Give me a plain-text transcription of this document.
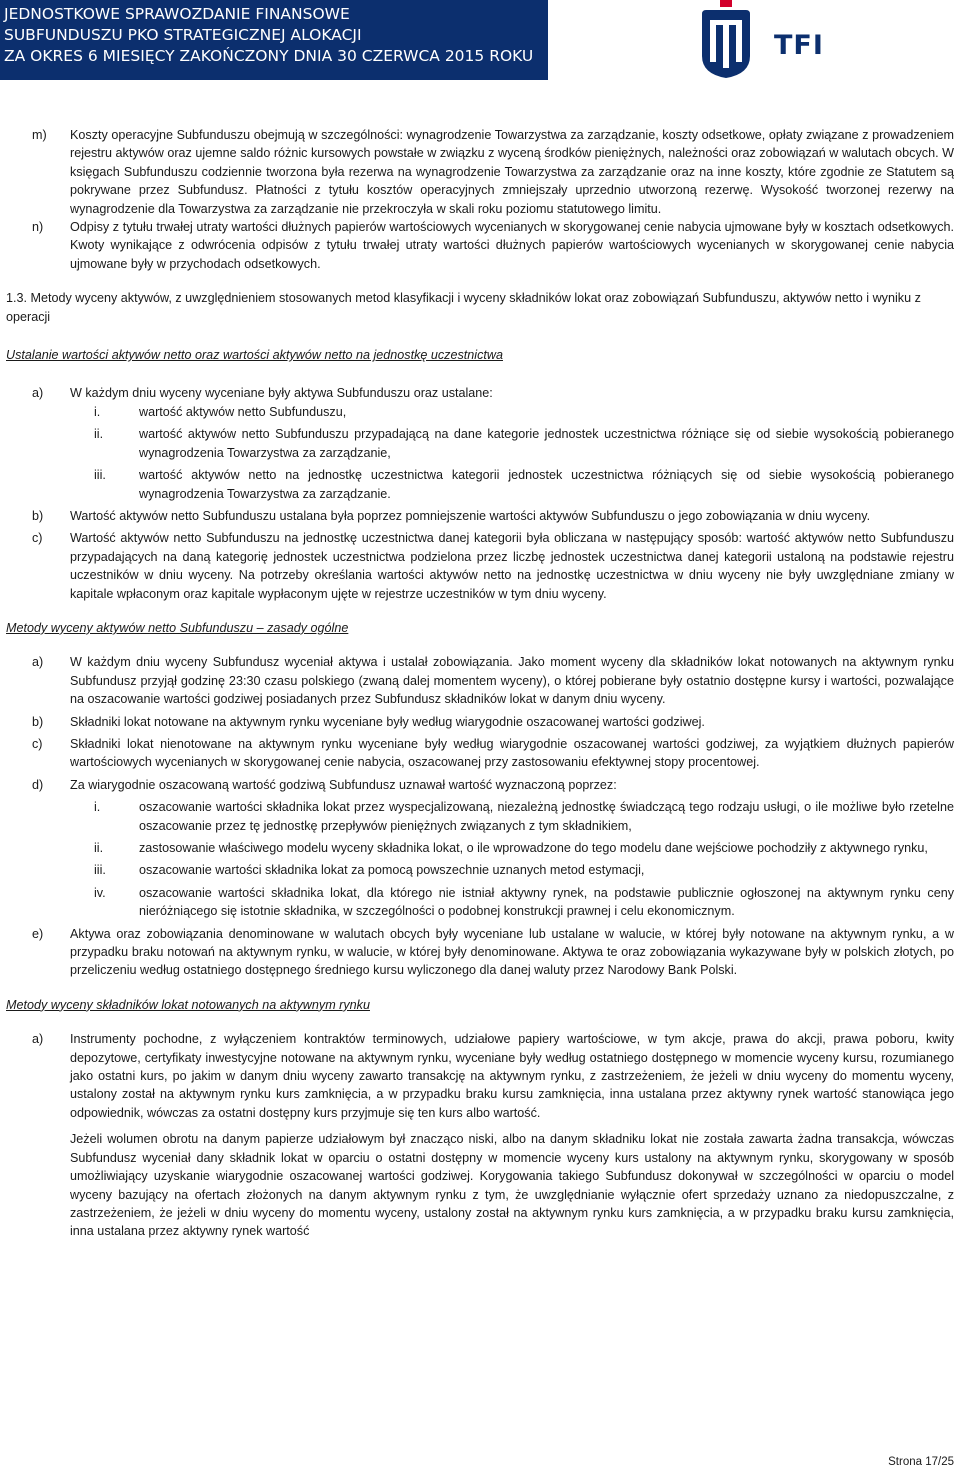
JEDNOSTKOWE SPRAWOZDANIE FINANSOWE
SUBFUNDUSZU PKO STRATEGICZNEJ ALOKACJI
ZA OKRES 6 MIESIĘCY ZAKOŃCZONY DNIA 30 CZERWCA 2015 ROKU	TFI
m) Koszty operacyjne Subfunduszu obejmują w szczególności: wynagrodzenie Towarzystwa za zarządzanie, koszty odsetkowe, opłaty związane z prowadzeniem rejestru aktywów oraz ujemne saldo różnic kursowych powstałe w związku z wyceną środków pieniężnych, należności oraz zobowiązań w walutach obcych. W księgach Subfunduszu codziennie tworzona była rezerwa na wynagrodzenie Towarzystwa za zarządzanie oraz na inne koszty, które zgodnie ze Statutem są pokrywane przez Subfundusz. Płatności z tytułu kosztów operacyjnych zmniejszały uprzednio utworzoną rezerwę. Wysokość tworzonej rezerwy na wynagrodzenie dla Towarzystwa za zarządzanie nie przekroczyła w skali roku poziomu statutowego limitu.
n) Odpisy z tytułu trwałej utraty wartości dłużnych papierów wartościowych wycenianych w skorygowanej cenie nabycia ujmowane były w kosztach odsetkowych. Kwoty wynikające z odwrócenia odpisów z tytułu trwałej utraty wartości dłużnych papierów wartościowych wycenianych w skorygowanej cenie nabycia ujmowane były w przychodach odsetkowych.
1.3. Metody wyceny aktywów, z uwzględnieniem stosowanych metod klasyfikacji i wyceny składników lokat oraz zobowiązań Subfunduszu, aktywów netto i wyniku z operacji
Ustalanie wartości aktywów netto oraz wartości aktywów netto na jednostkę uczestnictwa
a) W każdym dniu wyceny wyceniane były aktywa Subfunduszu oraz ustalane:
i.	wartość aktywów netto Subfunduszu,
ii.	wartość aktywów netto Subfunduszu przypadającą na dane kategorie jednostek uczestnictwa różniące się od siebie wysokością pobieranego wynagrodzenia Towarzystwa za zarządzanie,
iii.	wartość aktywów netto na jednostkę uczestnictwa kategorii jednostek uczestnictwa różniących się od siebie wysokością pobieranego wynagrodzenia Towarzystwa za zarządzanie.
b) Wartość aktywów netto Subfunduszu ustalana była poprzez pomniejszenie wartości aktywów Subfunduszu o jego zobowiązania w dniu wyceny.
c) Wartość aktywów netto Subfunduszu na jednostkę uczestnictwa danej kategorii była obliczana w następujący sposób: wartość aktywów netto Subfunduszu przypadających na daną kategorię jednostek uczestnictwa podzielona przez liczbę jednostek uczestnictwa danej kategorii ustaloną na podstawie rejestru uczestników w dniu wyceny. Na potrzeby określania wartości aktywów netto na jednostkę uczestnictwa w dniu wyceny nie były uwzględniane zmiany w kapitale wpłaconym oraz kapitale wypłaconym ujęte w rejestrze uczestników w tym dniu wyceny.
Metody wyceny aktywów netto Subfunduszu – zasady ogólne
a) W każdym dniu wyceny Subfundusz wyceniał aktywa i ustalał zobowiązania. Jako moment wyceny dla składników lokat notowanych na aktywnym rynku Subfundusz przyjął godzinę 23:30 czasu polskiego (zwaną dalej momentem wyceny), o której pobierane były ostatnio dostępne kursy i wartości, pozwalające na oszacowanie wartości godziwej posiadanych przez Subfundusz składników lokat w danym dniu wyceny.
b) Składniki lokat notowane na aktywnym rynku wyceniane były według wiarygodnie oszacowanej wartości godziwej.
c) Składniki lokat nienotowane na aktywnym rynku wyceniane były według wiarygodnie oszacowanej wartości godziwej, za wyjątkiem dłużnych papierów wartościowych wycenianych w skorygowanej cenie nabycia, oszacowanej przy zastosowaniu efektywnej stopy procentowej.
d) Za wiarygodnie oszacowaną wartość godziwą Subfundusz uznawał wartość wyznaczoną poprzez:
i.	oszacowanie wartości składnika lokat przez wyspecjalizowaną, niezależną jednostkę świadczącą tego rodzaju usługi, o ile możliwe było rzetelne oszacowanie przez tę jednostkę przepływów pieniężnych związanych z tym składnikiem,
ii.	zastosowanie właściwego modelu wyceny składnika lokat, o ile wprowadzone do tego modelu dane wejściowe pochodziły z aktywnego rynku,
iii.	oszacowanie wartości składnika lokat za pomocą powszechnie uznanych metod estymacji,
iv.	oszacowanie wartości składnika lokat, dla którego nie istniał aktywny rynek, na podstawie publicznie ogłoszonej na aktywnym rynku ceny nieróżniącego się istotnie składnika, w szczególności o podobnej konstrukcji prawnej i celu ekonomicznym.
e) Aktywa oraz zobowiązania denominowane w walutach obcych były wyceniane lub ustalane w walucie, w której były notowane na aktywnym rynku, a w przypadku braku notowań na aktywnym rynku, w walucie, w której były denominowane. Aktywa te oraz zobowiązania wykazywane były w polskich złotych, po przeliczeniu według ostatniego dostępnego średniego kursu wyliczonego dla danej waluty przez Narodowy Bank Polski.
Metody wyceny składników lokat notowanych na aktywnym rynku
a) Instrumenty pochodne, z wyłączeniem kontraktów terminowych, udziałowe papiery wartościowe, w tym akcje, prawa do akcji, prawa poboru, kwity depozytowe, certyfikaty inwestycyjne notowane na aktywnym rynku, wyceniane były według ostatniego dostępnego w momencie wyceny kursu, rozumianego jako ostatni kurs, po jakim w danym dniu wyceny zawarto transakcję na aktywnym rynku, z zastrzeżeniem, że jeżeli w dniu wyceny do momentu wyceny, ustalony został na aktywnym rynku kurs zamknięcia, a w przypadku braku kursu zamknięcia, inna ustalana przez aktywny rynek wartość stanowiąca jego odpowiednik, wówczas za ostatni dostępny kurs przyjmuje się ten kurs albo wartość.
Jeżeli wolumen obrotu na danym papierze udziałowym był znacząco niski, albo na danym składniku lokat nie została zawarta żadna transakcja, wówczas Subfundusz wyceniał dany składnik lokat w oparciu o ostatni dostępny w momencie wyceny kurs ustalony na aktywnym rynku, skorygowany w sposób umożliwiający uzyskanie wiarygodnie oszacowanej wartości godziwej. Korygowania takiego Subfundusz dokonywał w szczególności w oparciu o model wyceny bazujący na ofertach złożonych na danym aktywnym rynku z tym, że uwzględnianie wyłącznie ofert sprzedaży uznano za niedopuszczalne, z zastrzeżeniem, że jeżeli w dniu wyceny do momentu wyceny, ustalony został na aktywnym rynku kurs zamknięcia, a w przypadku braku kursu zamknięcia, inna ustalana przez aktywny rynek wartość
Strona 17/25
